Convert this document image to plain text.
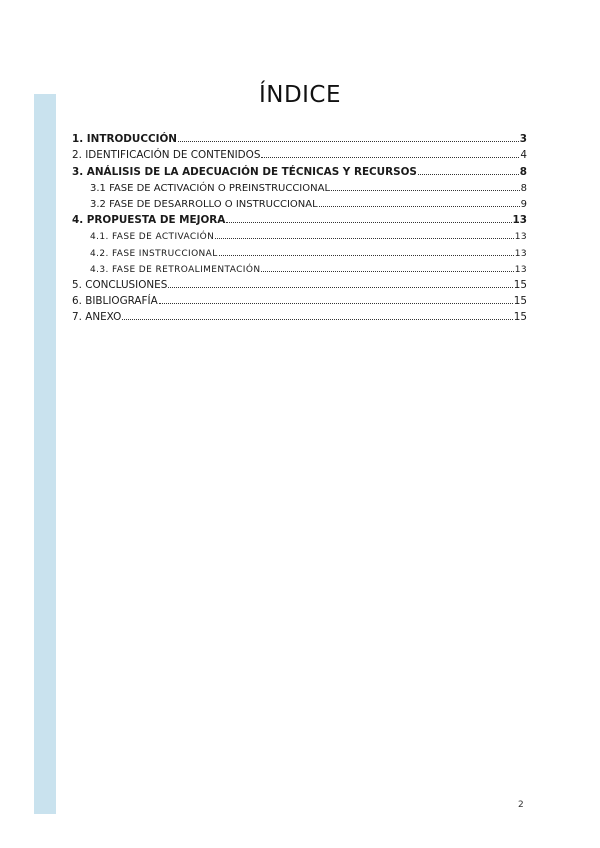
ÍNDICE
1. INTRODUCCIÓN	3
2. IDENTIFICACIÓN DE CONTENIDOS	4
3. ANÁLISIS DE LA ADECUACIÓN DE TÉCNICAS Y RECURSOS	8
3.1 FASE DE ACTIVACIÓN O PREINSTRUCCIONAL	8
3.2 FASE DE DESARROLLO O INSTRUCCIONAL	9
4. PROPUESTA DE MEJORA	13
4.1. FASE DE ACTIVACIÓN	13
4.2. FASE INSTRUCCIONAL	13
4.3. FASE DE RETROALIMENTACIÓN	13
5. CONCLUSIONES	15
6. BIBLIOGRAFÍA	15
7. ANEXO	15
2
